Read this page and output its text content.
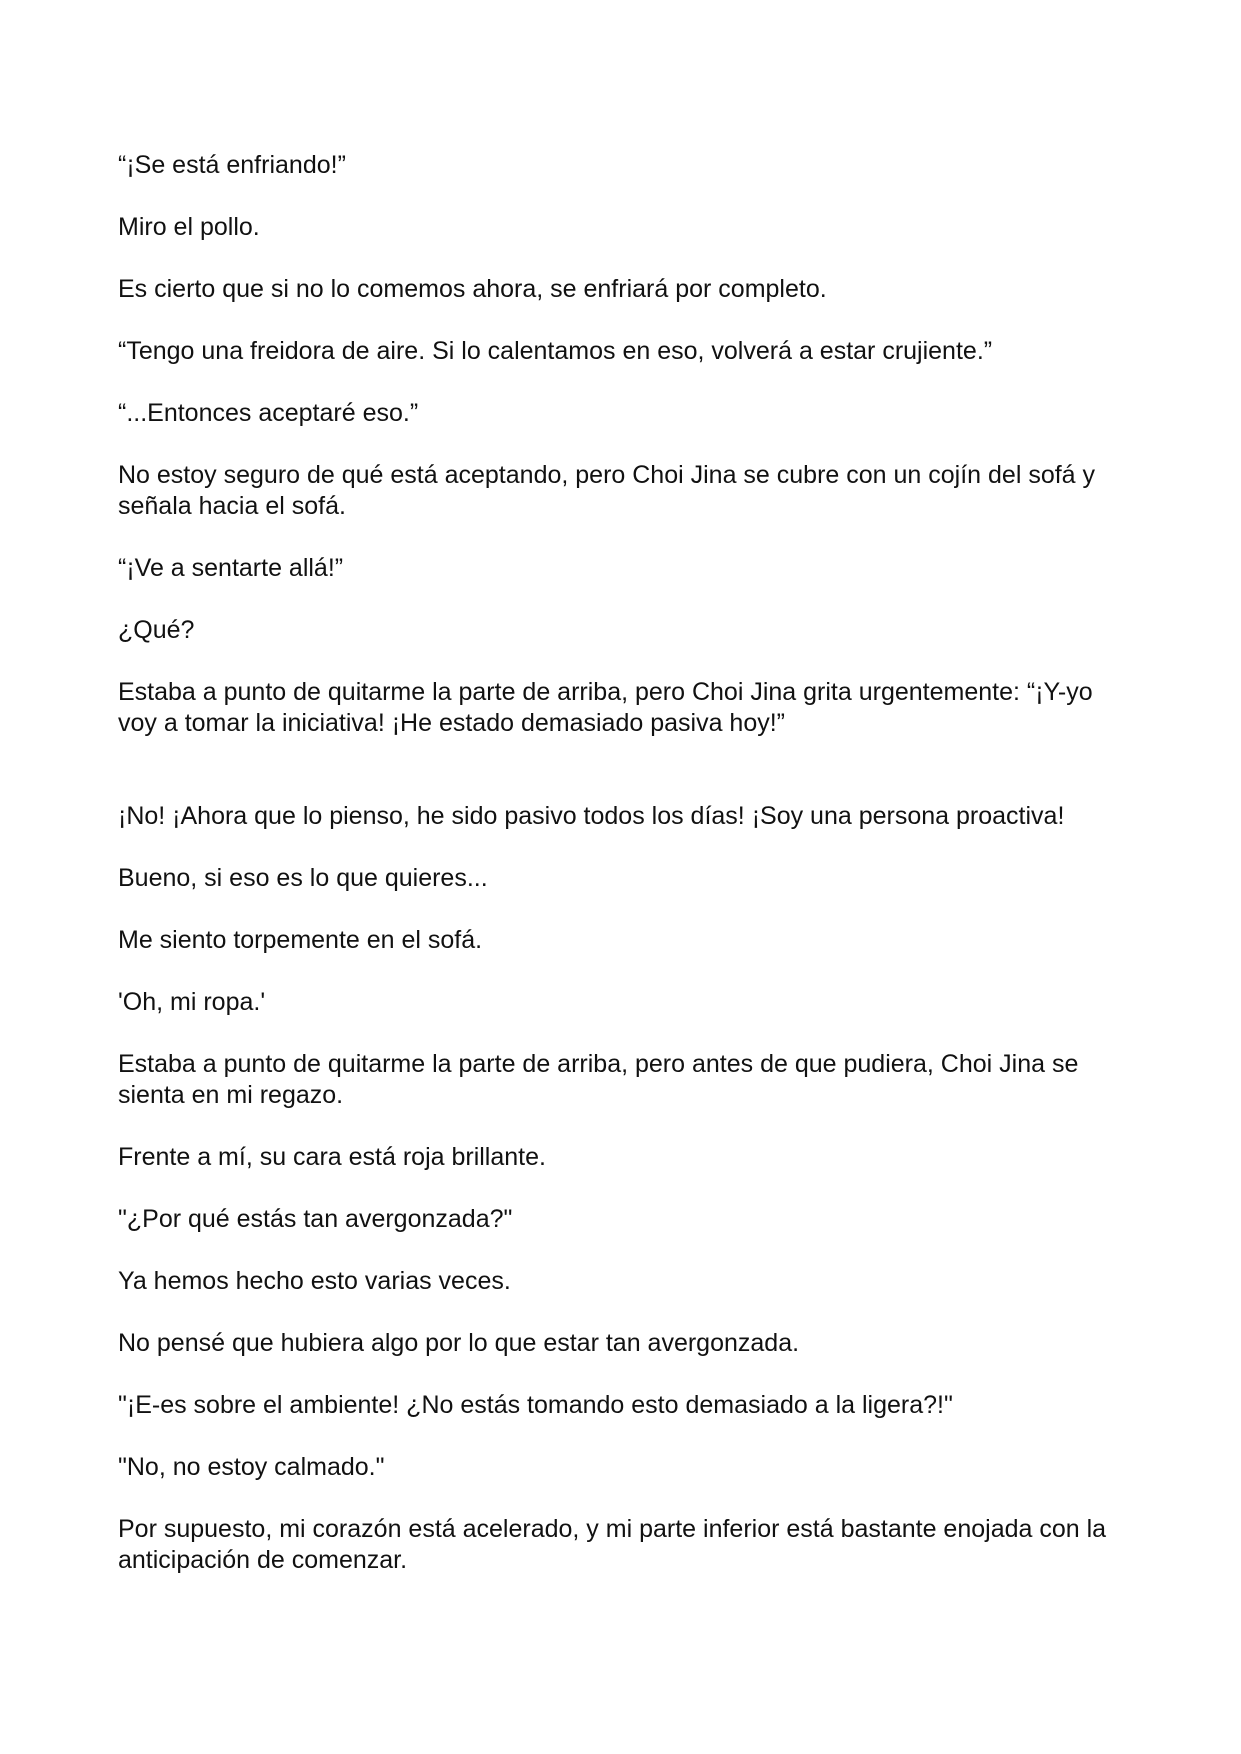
“¡Se está enfriando!”

Miro el pollo.

Es cierto que si no lo comemos ahora, se enfriará por completo.

“Tengo una freidora de aire. Si lo calentamos en eso, volverá a estar crujiente.”

“...Entonces aceptaré eso.”

No estoy seguro de qué está aceptando, pero Choi Jina se cubre con un cojín del sofá y señala hacia el sofá.

“¡Ve a sentarte allá!”

¿Qué?

Estaba a punto de quitarme la parte de arriba, pero Choi Jina grita urgentemente: “¡Y-yo voy a tomar la iniciativa! ¡He estado demasiado pasiva hoy!”

¡No! ¡Ahora que lo pienso, he sido pasivo todos los días! ¡Soy una persona proactiva!

Bueno, si eso es lo que quieres...

Me siento torpemente en el sofá.

'Oh, mi ropa.'

Estaba a punto de quitarme la parte de arriba, pero antes de que pudiera, Choi Jina se sienta en mi regazo.

Frente a mí, su cara está roja brillante.

"¿Por qué estás tan avergonzada?"

Ya hemos hecho esto varias veces.

No pensé que hubiera algo por lo que estar tan avergonzada.

"¡E-es sobre el ambiente! ¿No estás tomando esto demasiado a la ligera?!"

"No, no estoy calmado."

Por supuesto, mi corazón está acelerado, y mi parte inferior está bastante enojada con la anticipación de comenzar.
